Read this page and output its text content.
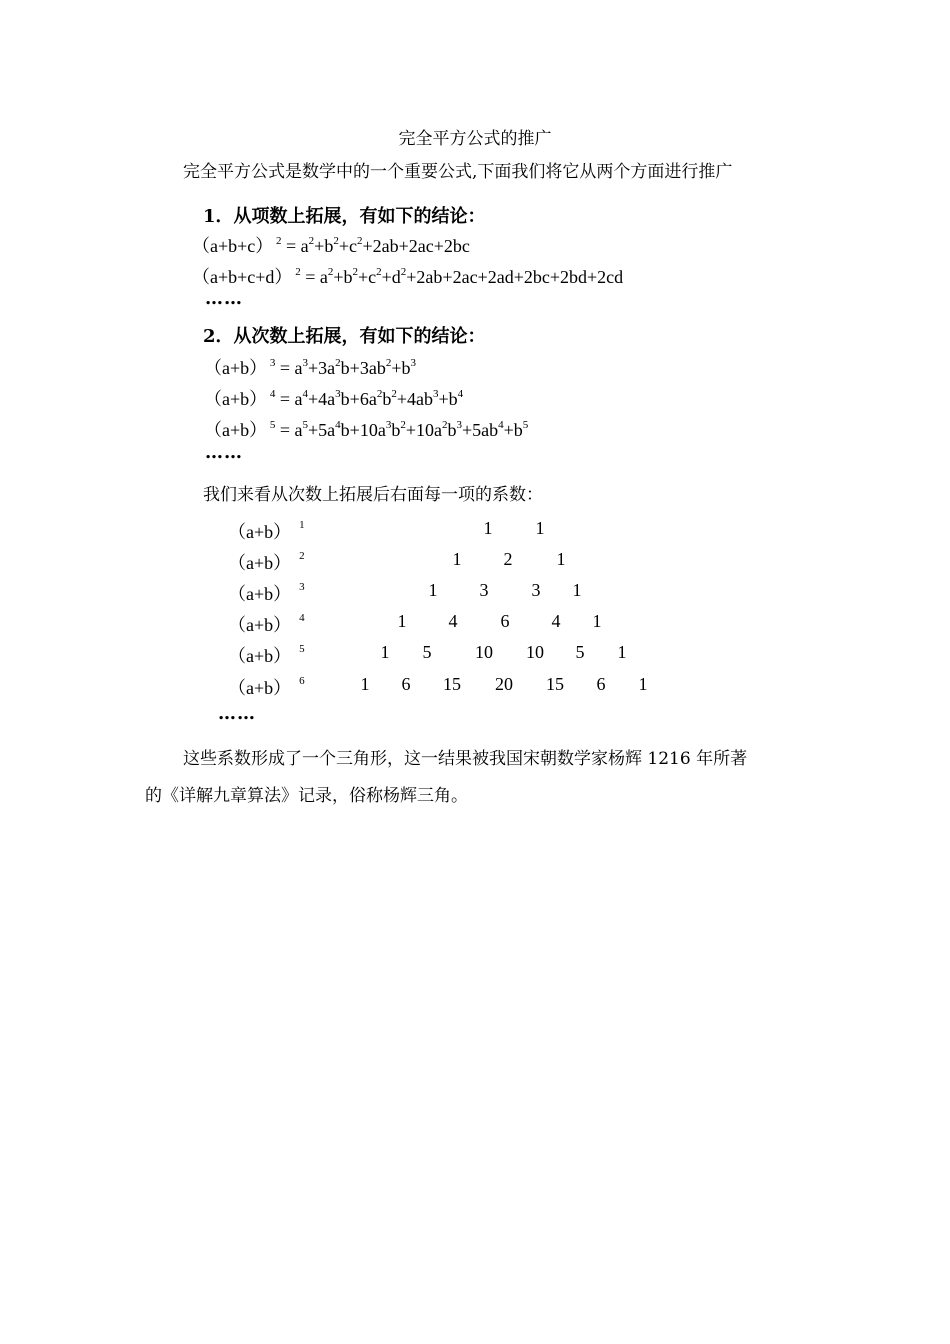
完全平方公式的推广
完全平方公式是数学中的一个重要公式,下面我们将它从两个方面进行推广
1．从项数上拓展，有如下的结论：
（a+b+c） $^2 = a^2+b^2+c^2+2ab+2ac+2bc$
（a+b+c+d） $^2 = a^2+b^2+c^2+d^2+2ab+2ac+2ad+2bc+2bd+2cd$
……
2．从次数上拓展，有如下的结论：
（a+b） $^3 = a^3+3a^2b+3ab^2+b^3$
（a+b） $^4 = a^4+4a^3b+6a^2b^2+4ab^3+b^4$
（a+b） $^5 = a^5+5a^4b+10a^3b^2+10a^2b^3+5ab^4+b^5$
……
我们来看从次数上拓展后右面每一项的系数：
（a+b） $^1$
（a+b） $^2$
（a+b） $^3$
（a+b） $^4$
（a+b） $^5$
（a+b） $^6$
1 1
1 2 1
1 3 3 1
1 4 6 4 1
1 5 10 10 5 1
1 6 15 20 15 6 1
……
这些系数形成了一个三角形，这一结果被我国宋朝数学家杨辉 1216 年所著
的《详解九章算法》记录，俗称杨辉三角。
